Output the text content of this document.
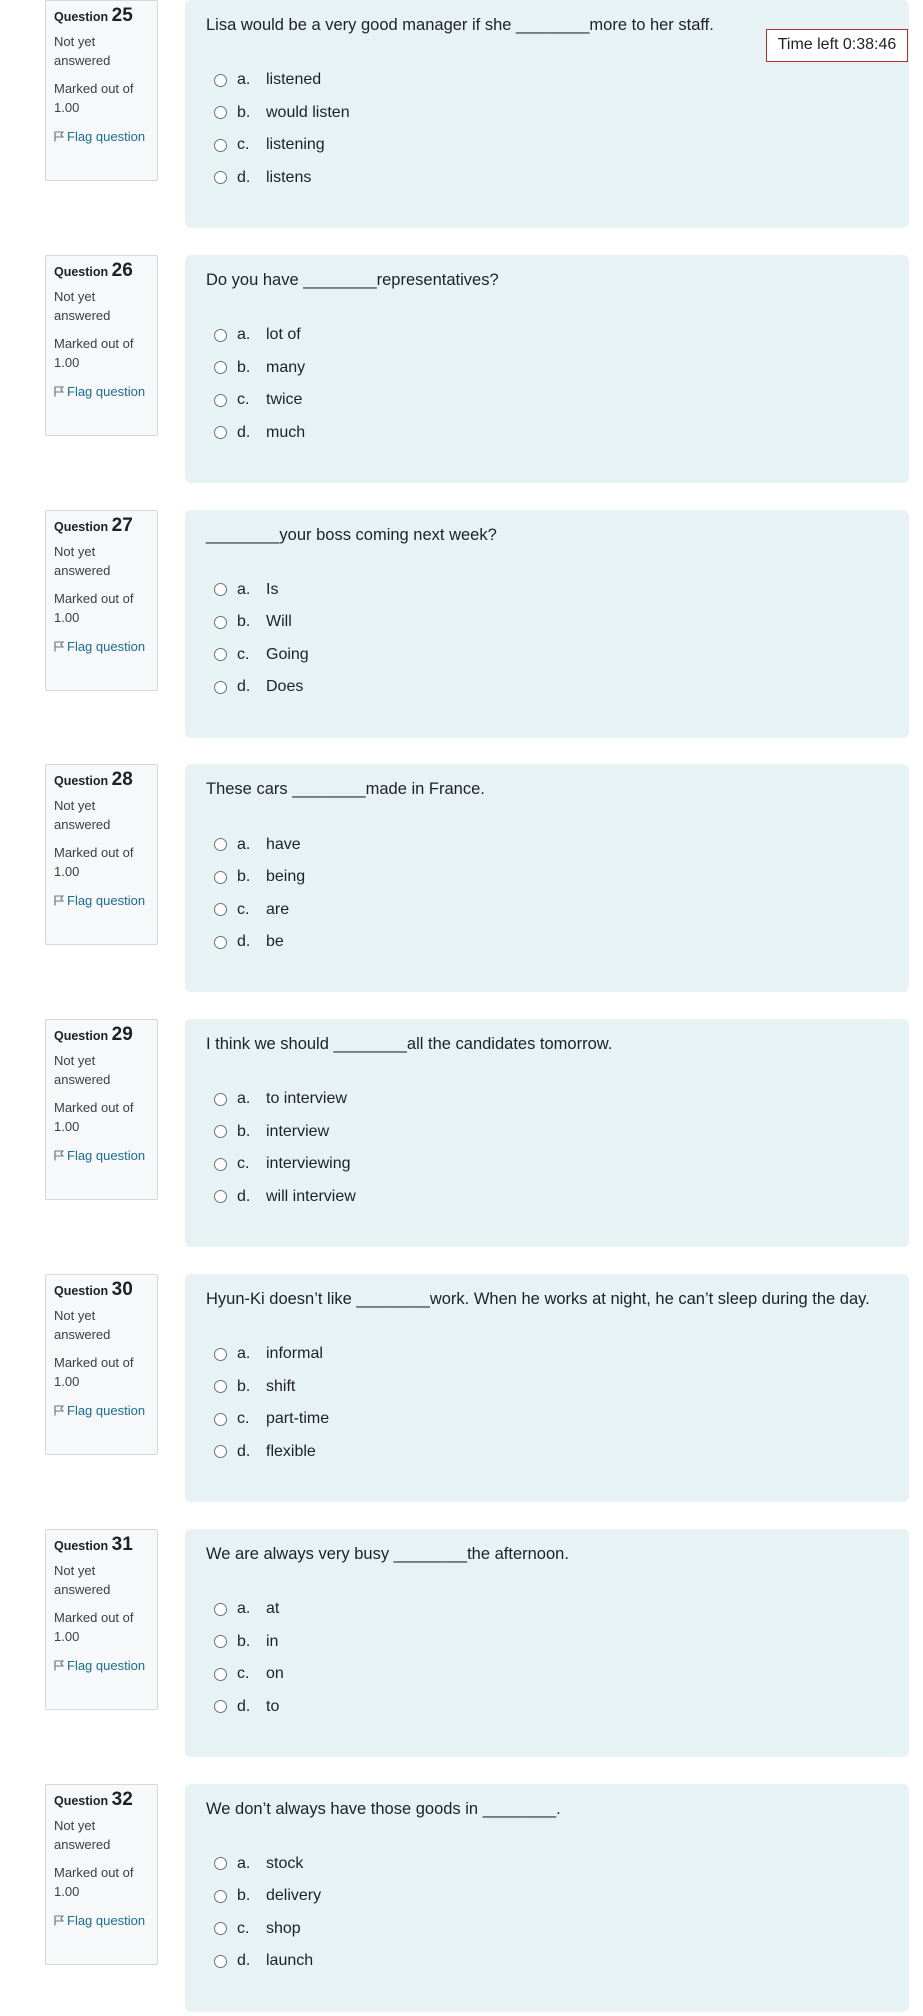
Question 25
Not yet answered
Marked out of 1.00
Flag question
Lisa would be a very good manager if she ________more to her staff.
a. listened
b. would listen
c.	listening
d. listens
Question 26
Not yet answered
Marked out of 1.00
Flag question
Do you have ________representatives?
a. lot of
b. many
c.	twice
d. much
Question 27
Not yet answered
Marked out of 1.00
Flag question
________your boss coming next week?
a. Is
b. Will
c.	Going
d. Does
Question 28
Not yet answered
Marked out of 1.00
Flag question
These cars ________made in France.
a. have
b. being
c.	are
d. be
Question 29
Not yet answered
Marked out of 1.00
Flag question
I think we should ________all the candidates tomorrow.
a. to interview
b. interview
c.	interviewing
d. will interview
Question 30
Not yet answered
Marked out of 1.00
Flag question
Hyun-Ki doesn’t like ________work. When he works at night, he can’t sleep during the day.
a. informal
b. shift
c.	part-time
d. flexible
Question 31
Not yet answered
Marked out of 1.00
Flag question
We are always very busy ________the afternoon.
a. at
b. in
c.	on
d. to
Question 32
Not yet answered
Marked out of 1.00
Flag question
We don’t always have those goods in ________.
a. stock
b. delivery
c.	shop
d. launch
Time left 0:38:46
